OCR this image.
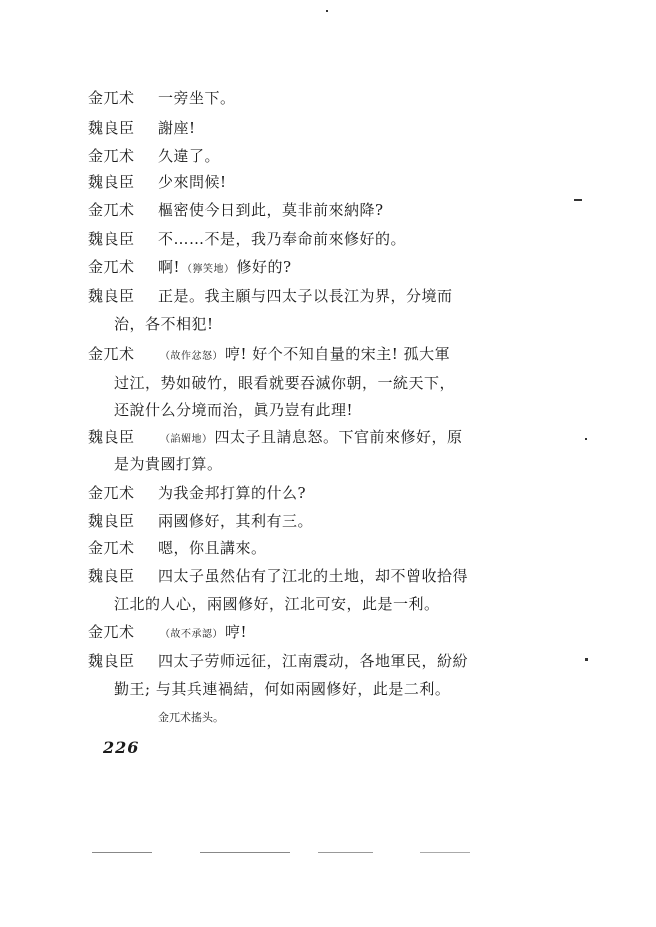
金兀术 一旁坐下。
魏良臣 謝座!
金兀术 久違了。
魏良臣 少來問候!
金兀术 樞密使今日到此，莫非前來納降?
魏良臣 不……不是，我乃奉命前來修好的。
金兀术 啊! （獰笑地） 修好的?
魏良臣 正是。我主願与四太子以長江为界，分境而
治，各不相犯!
金兀术	（故作忿怒） 哼! 好个不知自量的宋主! 孤大軍
过江，势如破竹，眼看就要吞滅你朝，一統天下，
还說什么分境而治，眞乃豈有此理!
魏良臣	（諂媚地） 四太子且請息怒。下官前來修好，原
是为貴國打算。
金兀术 为我金邦打算的什么?
魏良臣 兩國修好，其利有三。
金兀术 嗯，你且講來。
魏良臣 四太子虽然佔有了江北的土地，却不曾收拾得
江北的人心，兩國修好，江北可安，此是一利。
金兀术	（故不承認） 哼!
魏良臣 四太子劳师远征，江南震动，各地軍民，紛紛
勤王; 与其兵連禍結，何如兩國修好，此是二利。
金兀术搖头。
226
